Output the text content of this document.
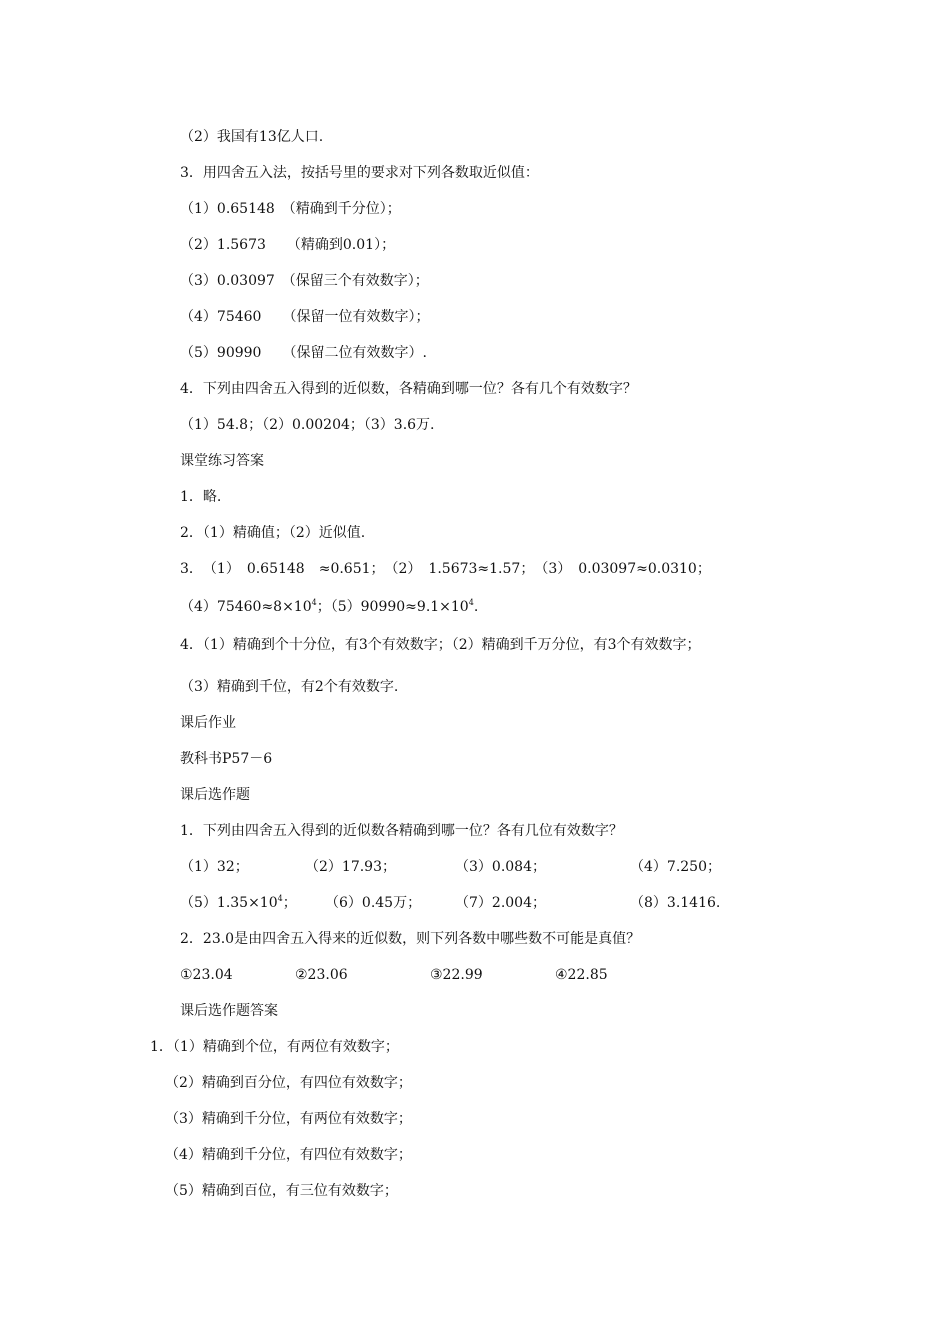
（2）我国有13亿人口.

3．用四舍五入法，按括号里的要求对下列各数取近似值：

（1）0.65148　（精确到千分位）；

（2）1.5673　　（精确到0.01）；

（3）0.03097　（保留三个有效数字）；

（4）75460　　（保留一位有效数字）；

（5）90990　　（保留二位有效数字）.

4．下列由四舍五入得到的近似数，各精确到哪一位？各有几个有效数字？

（1）54.8；（2）0.00204；（3）3.6万.

课堂练习答案

1．略.

2．（1）精确值；（2）近似值.

3．　（1）　0.65148　≈0.651；　（2）　1.5673≈1.57；　（3）　0.03097≈0.0310；

$(4)75460\approx 8\times 10^4$；$(5)90990\approx 9.1\times 10^4$.

4．（1）精确到个十分位，有3个有效数字；（2）精确到千万分位，有3个有效数字；

（3）精确到千位，有2个有效数字.

课后作业

教科书P57－6

课后选作题

1．下列由四舍五入得到的近似数各精确到哪一位？各有几位有效数字？

（1）32；	（2）17.93；	（3）0.084；	（4）7.250；
$(5)1.35\times 10^4$； （6）0.45万； （7）2.004；	（8）3.1416.

2．23.0是由四舍五入得来的近似数，则下列各数中哪些数不可能是真值？

①23.04	②23.06	③22.99	④22.85

课后选作题答案

1．（1）精确到个位，有两位有效数字；

（2）精确到百分位，有四位有效数字；

（3）精确到千分位，有两位有效数字；

（4）精确到千分位，有四位有效数字；

（5）精确到百位，有三位有效数字；
